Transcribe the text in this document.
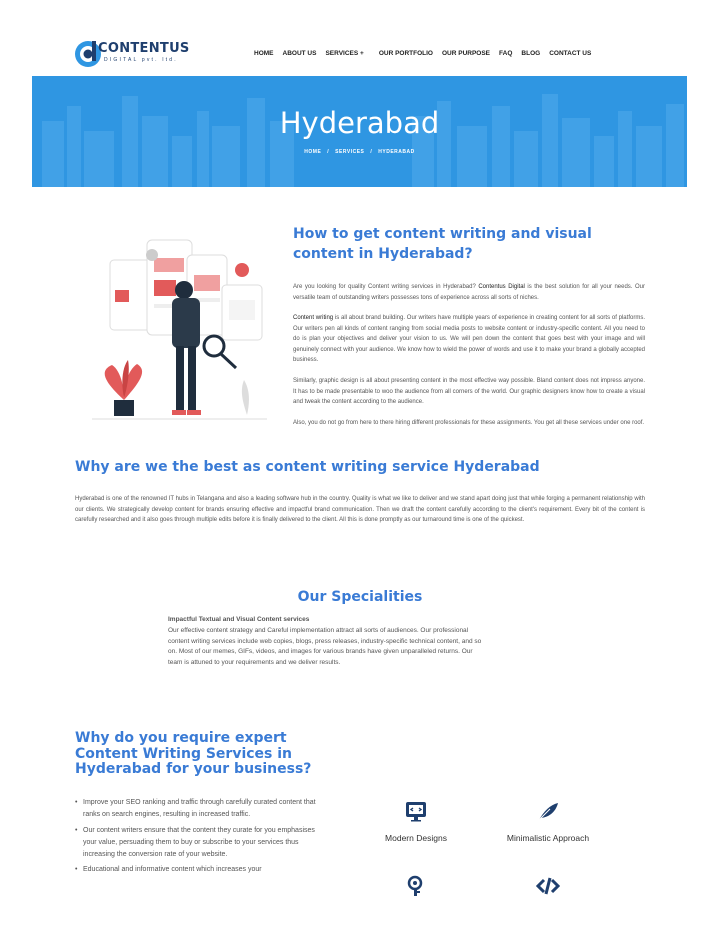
CONTENTUS
DIGITAL pvt. ltd.
HOME ABOUT US SERVICES + OUR PORTFOLIO OUR PURPOSE FAQ BLOG CONTACT US
Hyderabad
HOME / SERVICES / HYDERABAD
How to get content writing and visual content in Hyderabad?

Are you looking for quality Content writing services in Hyderabad? Contentus Digital is the best solution for all your needs. Our versatile team of outstanding writers possesses tons of experience across all sorts of niches.

Content writing is all about brand building. Our writers have multiple years of experience in creating content for all sorts of platforms. Our writers pen all kinds of content ranging from social media posts to website content or industry-specific content. All you need to do is plan your objectives and deliver your vision to us. We will pen down the content that goes best with your image and will genuinely connect with your audience. We know how to wield the power of words and use it to make your brand a globally accepted business.

Similarly, graphic design is all about presenting content in the most effective way possible. Bland content does not impress anyone. It has to be made presentable to woo the audience from all corners of the world. Our graphic designers know how to create a visual and tweak the content according to the audience.

Also, you do not go from here to there hiring different professionals for these assignments. You get all these services under one roof.

Why are we the best as content writing service Hyderabad

Hyderabad is one of the renowned IT hubs in Telangana and also a leading software hub in the country. Quality is what we like to deliver and we stand apart doing just that while forging a permanent relationship with our clients. We strategically develop content for brands ensuring effective and impactful brand communication. Then we draft the content carefully according to the client's requirement. Every bit of the content is carefully researched and it also goes through multiple edits before it is finally delivered to the client. All this is done promptly as our turnaround time is one of the quickest.

Our Specialities
Impactful Textual and Visual Content services

Our effective content strategy and Careful implementation attract all sorts of audiences. Our professional content writing services include web copies, blogs, press releases, industry-specific technical content, and so on. Most of our memes, GIFs, videos, and images for various brands have given unparalleled returns. Our team is attuned to your requirements and we deliver results.

Why do you require expert Content Writing Services in Hyderabad for your business?
• Improve your SEO ranking and traffic through carefully curated content that ranks on search engines, resulting in increased traffic.
• Our content writers ensure that the content they curate for you emphasises your value, persuading them to buy or subscribe to your services thus increasing the conversion rate of your website.
• Educational and informative content which increases your
Modern Designs	Minimalistic Approach
